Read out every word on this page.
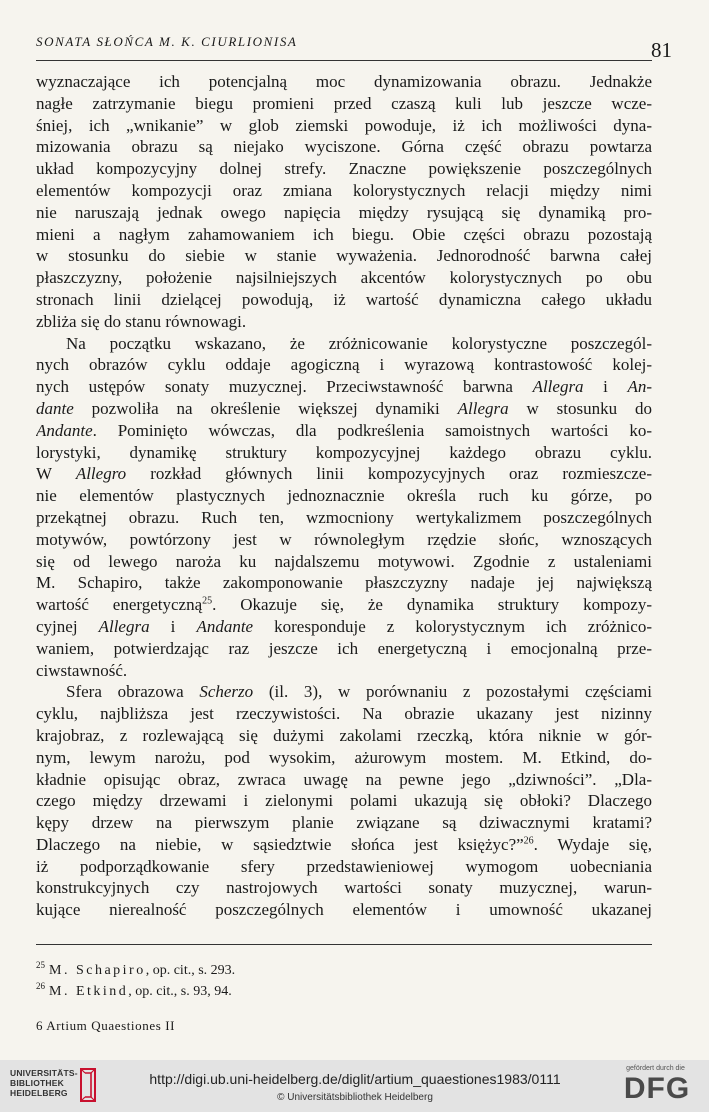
SONATA SŁOŃCA M. K. CIURLIONISA	81
wyznaczające ich potencjalną moc dynamizowania obrazu. Jednakże
nagłe zatrzymanie biegu promieni przed czaszą kuli lub jeszcze wcze-
śniej, ich „wnikanie” w glob ziemski powoduje, iż ich możliwości dyna-
mizowania obrazu są niejako wyciszone. Górna część obrazu powtarza
układ kompozycyjny dolnej strefy. Znaczne powiększenie poszczególnych
elementów kompozycji oraz zmiana kolorystycznych relacji między nimi
nie naruszają jednak owego napięcia między rysującą się dynamiką pro-
mieni a nagłym zahamowaniem ich biegu. Obie części obrazu pozostają
w stosunku do siebie w stanie wyważenia. Jednorodność barwna całej
płaszczyzny, położenie najsilniejszych akcentów kolorystycznych po obu
stronach linii dzielącej powodują, iż wartość dynamiczna całego układu
zbliża się do stanu równowagi.
Na początku wskazano, że zróżnicowanie kolorystyczne poszczegól-
nych obrazów cyklu oddaje agogiczną i wyrazową kontrastowość kolej-
nych ustępów sonaty muzycznej. Przeciwstawność barwna Allegra i An-
dante pozwoliła na określenie większej dynamiki Allegra w stosunku do
Andante. Pominięto wówczas, dla podkreślenia samoistnych wartości ko-
lorystyki, dynamikę struktury kompozycyjnej każdego obrazu cyklu.
W Allegro rozkład głównych linii kompozycyjnych oraz rozmieszcze-
nie elementów plastycznych jednoznacznie określa ruch ku górze, po
przekątnej obrazu. Ruch ten, wzmocniony wertykalizmem poszczególnych
motywów, powtórzony jest w równoległym rzędzie słońc, wznoszących
się od lewego naroża ku najdalszemu motywowi. Zgodnie z ustaleniami
M. Schapiro, także zakomponowanie płaszczyzny nadaje jej największą
wartość energetyczną$^{25}$. Okazuje się, że dynamika struktury kompozy-
cyjnej Allegra i Andante koresponduje z kolorystycznym ich zróżnico-
waniem, potwierdzając raz jeszcze ich energetyczną i emocjonalną prze-
ciwstawność.
Sfera obrazowa Scherzo (il. 3), w porównaniu z pozostałymi częściami
cyklu, najbliższa jest rzeczywistości. Na obrazie ukazany jest nizinny
krajobraz, z rozlewającą się dużymi zakolami rzeczką, która niknie w gór-
nym, lewym narożu, pod wysokim, ażurowym mostem. M. Etkind, do-
kładnie opisując obraz, zwraca uwagę na pewne jego „dziwności”. „Dla-
czego między drzewami i zielonymi polami ukazują się obłoki? Dlaczego
kępy drzew na pierwszym planie związane są dziwacznymi kratami?
Dlaczego na niebie, w sąsiedztwie słońca jest księżyc?”$^{26}$. Wydaje się,
iż podporządkowanie sfery przedstawieniowej wymogom uobecniania
konstrukcyjnych czy nastrojowych wartości sonaty muzycznej, warun-
kujące nierealność poszczególnych elementów i umowność ukazanej
$^{25}$ M. Schapiro, op. cit., s. 293.
$^{26}$ M. Etkind, op. cit., s. 93, 94.
6 Artium Quaestiones II
UNIVERSITÄTS-
BIBLIOTHEK
HEIDELBERG
http://digi.ub.uni-heidelberg.de/diglit/artium_quaestiones1983/0111
© Universitätsbibliothek Heidelberg
gefördert durch die
DFG
